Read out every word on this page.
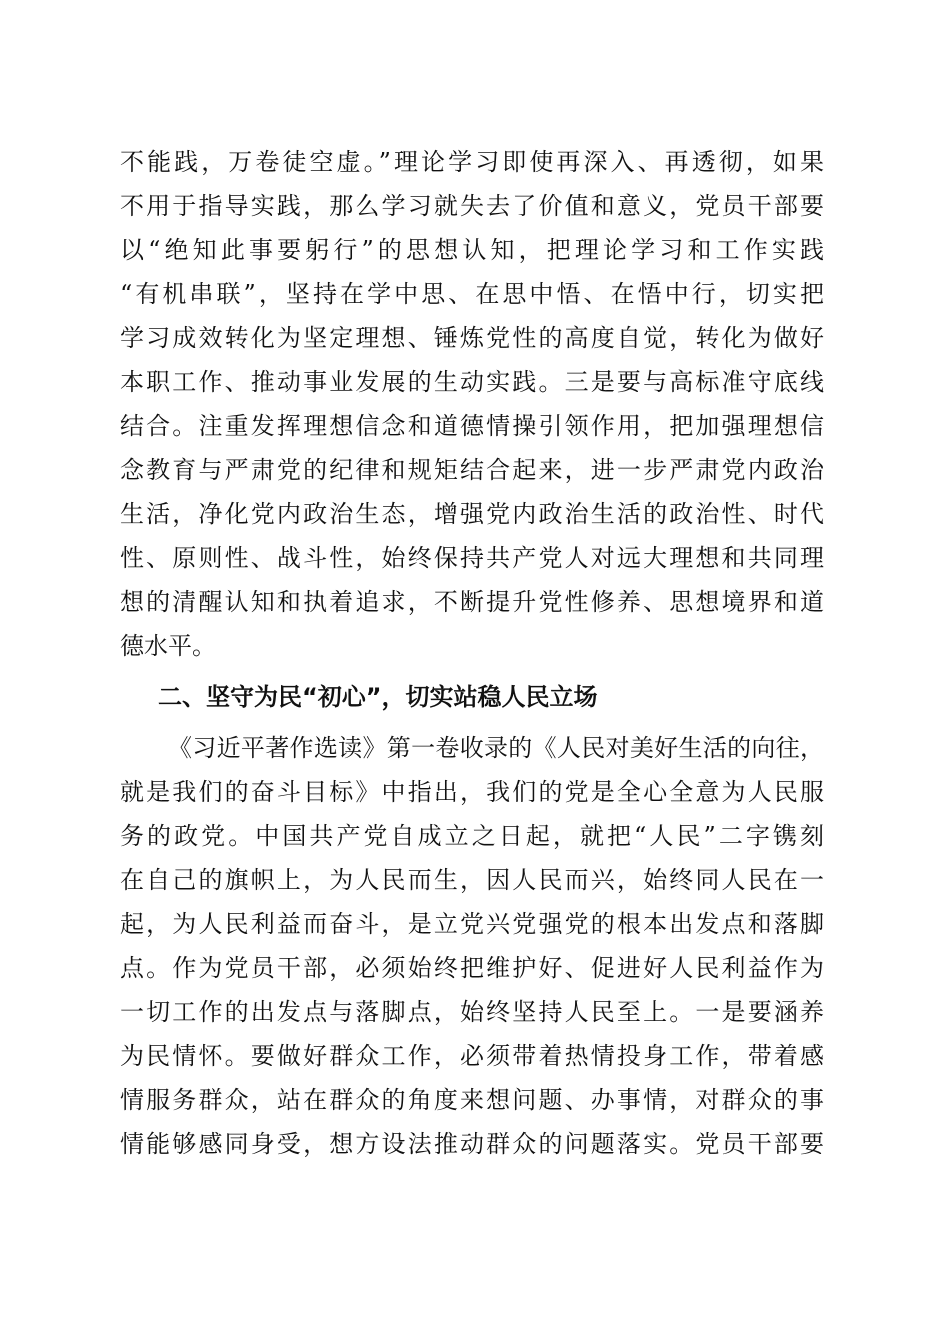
不能践，万卷徒空虚。”理论学习即使再深入、再透彻，如果
不用于指导实践，那么学习就失去了价值和意义，党员干部要
以“绝知此事要躬行”的思想认知，把理论学习和工作实践
“有机串联”，坚持在学中思、在思中悟、在悟中行，切实把
学习成效转化为坚定理想、锤炼党性的高度自觉，转化为做好
本职工作、推动事业发展的生动实践。三是要与高标准守底线
结合。注重发挥理想信念和道德情操引领作用，把加强理想信
念教育与严肃党的纪律和规矩结合起来，进一步严肃党内政治
生活，净化党内政治生态，增强党内政治生活的政治性、时代
性、原则性、战斗性，始终保持共产党人对远大理想和共同理
想的清醒认知和执着追求，不断提升党性修养、思想境界和道
德水平。
二、坚守为民“初心”，切实站稳人民立场
《习近平著作选读》第一卷收录的《人民对美好生活的向往，
就是我们的奋斗目标》中指出，我们的党是全心全意为人民服
务的政党。中国共产党自成立之日起，就把“人民”二字镌刻
在自己的旗帜上，为人民而生，因人民而兴，始终同人民在一
起，为人民利益而奋斗，是立党兴党强党的根本出发点和落脚
点。作为党员干部，必须始终把维护好、促进好人民利益作为
一切工作的出发点与落脚点，始终坚持人民至上。一是要涵养
为民情怀。要做好群众工作，必须带着热情投身工作，带着感
情服务群众，站在群众的角度来想问题、办事情，对群众的事
情能够感同身受，想方设法推动群众的问题落实。党员干部要
